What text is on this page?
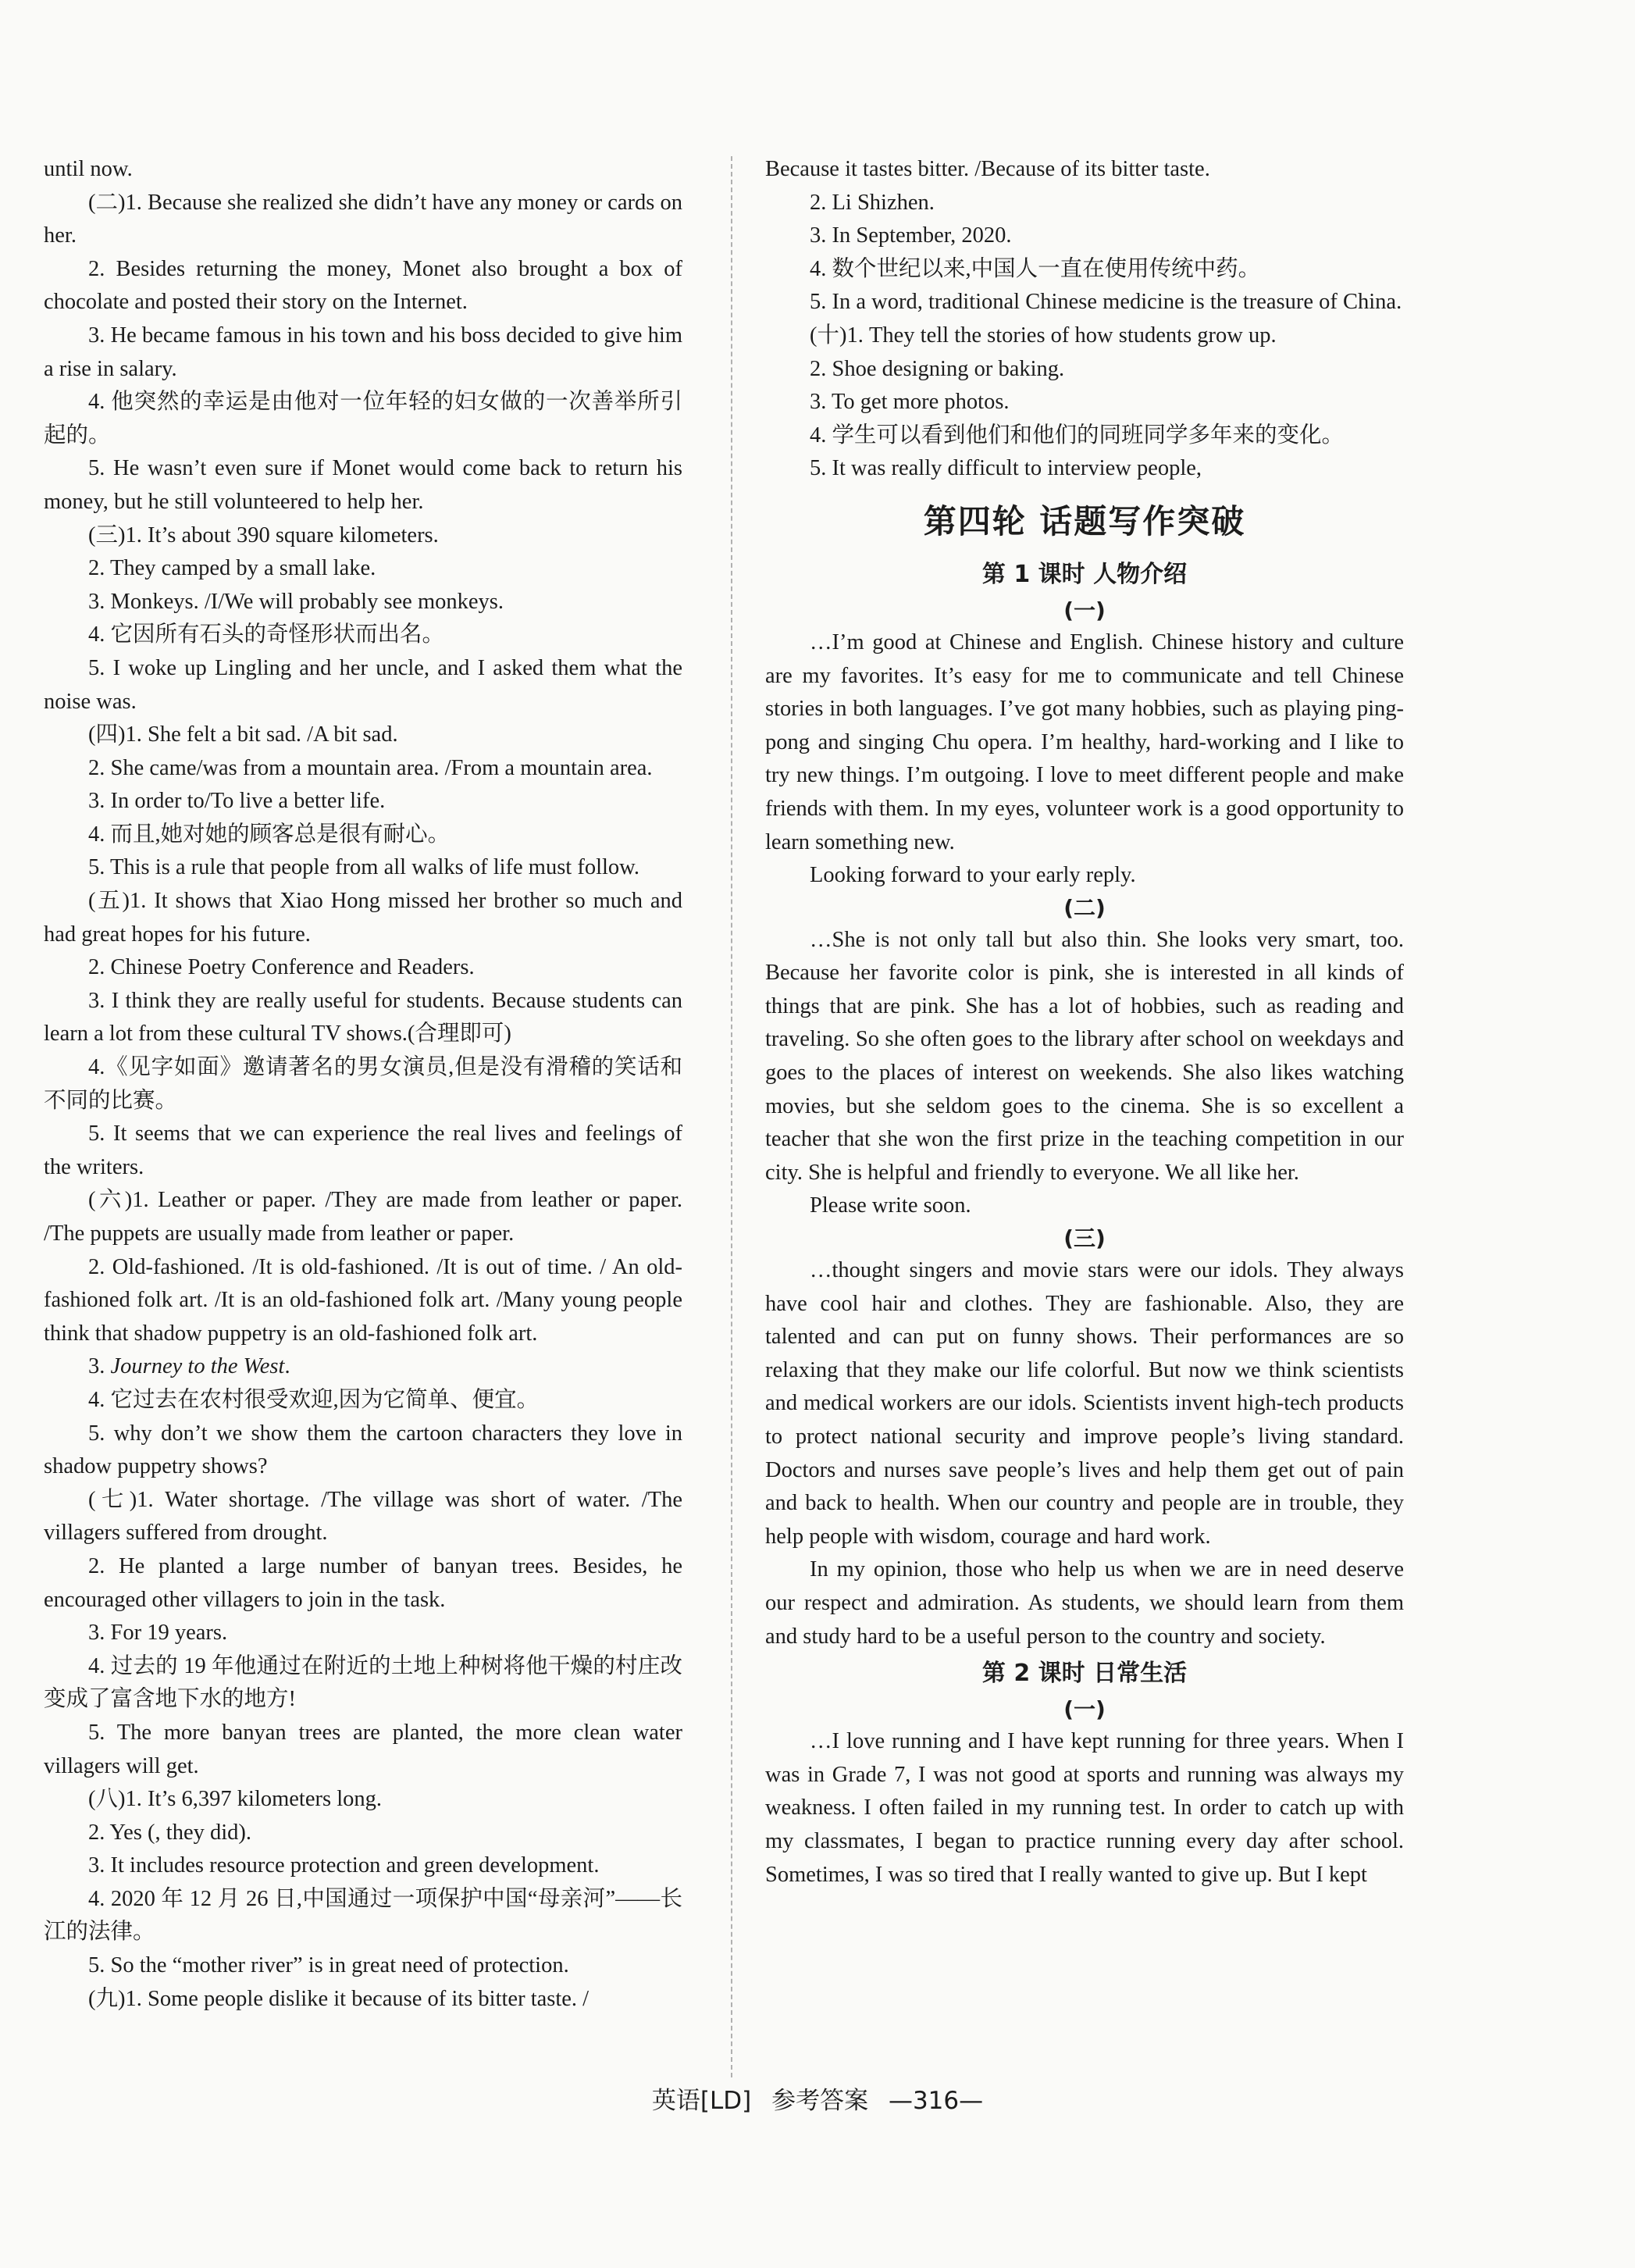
until now.

(二)1. Because she realized she didn’t have any money or cards on her.

2. Besides returning the money, Monet also brought a box of chocolate and posted their story on the Internet.

3. He became famous in his town and his boss decided to give him a rise in salary.

4. 他突然的幸运是由他对一位年轻的妇女做的一次善举所引起的。

5. He wasn’t even sure if Monet would come back to return his money, but he still volunteered to help her.

(三)1. It’s about 390 square kilometers.

2. They camped by a small lake.

3. Monkeys. /I/We will probably see monkeys.

4. 它因所有石头的奇怪形状而出名。

5. I woke up Lingling and her uncle, and I asked them what the noise was.

(四)1. She felt a bit sad. /A bit sad.

2. She came/was from a mountain area. /From a mountain area.

3. In order to/To live a better life.

4. 而且,她对她的顾客总是很有耐心。

5. This is a rule that people from all walks of life must follow.

(五)1. It shows that Xiao Hong missed her brother so much and had great hopes for his future.

2. Chinese Poetry Conference and Readers.

3. I think they are really useful for students. Because students can learn a lot from these cultural TV shows.(合理即可)

4.《见字如面》邀请著名的男女演员,但是没有滑稽的笑话和不同的比赛。

5. It seems that we can experience the real lives and feelings of the writers.

(六)1. Leather or paper. /They are made from leather or paper. /The puppets are usually made from leather or paper.

2. Old-fashioned. /It is old-fashioned. /It is out of time. / An old-fashioned folk art. /It is an old-fashioned folk art. /Many young people think that shadow puppetry is an old-fashioned folk art.

3. Journey to the West.

4. 它过去在农村很受欢迎,因为它简单、便宜。

5. why don’t we show them the cartoon characters they love in shadow puppetry shows?

(七)1. Water shortage. /The village was short of water. /The villagers suffered from drought.

2. He planted a large number of banyan trees. Besides, he encouraged other villagers to join in the task.

3. For 19 years.

4. 过去的 19 年他通过在附近的土地上种树将他干燥的村庄改变成了富含地下水的地方!

5. The more banyan trees are planted, the more clean water villagers will get.

(八)1. It’s 6,397 kilometers long.

2. Yes (, they did).

3. It includes resource protection and green development.

4. 2020 年 12 月 26 日,中国通过一项保护中国“母亲河”——长江的法律。

5. So the “mother river” is in great need of protection.

(九)1. Some people dislike it because of its bitter taste. /

Because it tastes bitter. /Because of its bitter taste.

2. Li Shizhen.

3. In September, 2020.

4. 数个世纪以来,中国人一直在使用传统中药。

5. In a word, traditional Chinese medicine is the treasure of China.

(十)1. They tell the stories of how students grow up.

2. Shoe designing or baking.

3. To get more photos.

4. 学生可以看到他们和他们的同班同学多年来的变化。

5. It was really difficult to interview people,

第四轮 话题写作突破

第 1 课时 人物介绍

(一)

…I’m good at Chinese and English. Chinese history and culture are my favorites. It’s easy for me to communicate and tell Chinese stories in both languages. I’ve got many hobbies, such as playing ping-pong and singing Chu opera. I’m healthy, hard-working and I like to try new things. I’m outgoing. I love to meet different people and make friends with them. In my eyes, volunteer work is a good opportunity to learn something new.

Looking forward to your early reply.

(二)

…She is not only tall but also thin. She looks very smart, too. Because her favorite color is pink, she is interested in all kinds of things that are pink. She has a lot of hobbies, such as reading and traveling. So she often goes to the library after school on weekdays and goes to the places of interest on weekends. She also likes watching movies, but she seldom goes to the cinema. She is so excellent a teacher that she won the first prize in the teaching competition in our city. She is helpful and friendly to everyone. We all like her.

Please write soon.

(三)

…thought singers and movie stars were our idols. They always have cool hair and clothes. They are fashionable. Also, they are talented and can put on funny shows. Their performances are so relaxing that they make our life colorful. But now we think scientists and medical workers are our idols. Scientists invent high-tech products to protect national security and improve people’s living standard. Doctors and nurses save people’s lives and help them get out of pain and back to health. When our country and people are in trouble, they help people with wisdom, courage and hard work.

In my opinion, those who help us when we are in need deserve our respect and admiration. As students, we should learn from them and study hard to be a useful person to the country and society.

第 2 课时 日常生活

(一)

…I love running and I have kept running for three years. When I was in Grade 7, I was not good at sports and running was always my weakness. I often failed in my running test. In order to catch up with my classmates, I began to practice running every day after school. Sometimes, I was so tired that I really wanted to give up. But I kept

英语[LD] 参考答案 —316—
